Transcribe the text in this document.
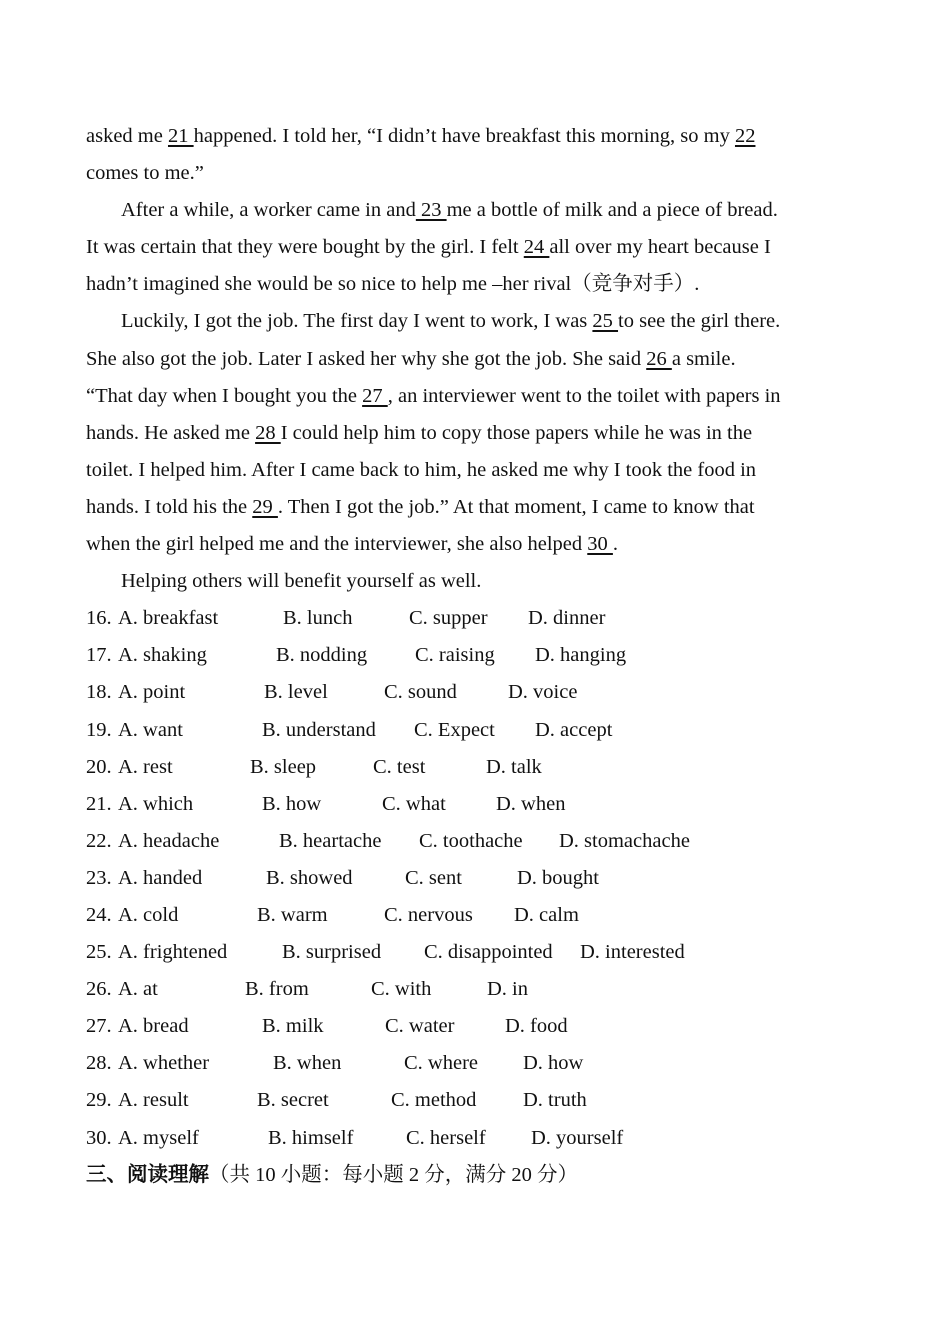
asked me 21 happened. I told her, “I didn’t have breakfast this morning, so my 22
comes to me.”
After a while, a worker came in and 23 me a bottle of milk and a piece of bread.
It was certain that they were bought by the girl. I felt 24 all over my heart because I
hadn’t imagined she would be so nice to help me –her rival（竞争对手）.
Luckily, I got the job. The first day I went to work, I was 25 to see the girl there.
She also got the job. Later I asked her why she got the job. She said 26 a smile.
“That day when I bought you the 27 , an interviewer went to the toilet with papers in
hands. He asked me 28 I could help him to copy those papers while he was in the
toilet. I helped him. After I came back to him, he asked me why I took the food in
hands. I told his the 29 . Then I got the job.” At that moment, I came to know that
when the girl helped me and the interviewer, she also helped 30 .
Helping others will benefit yourself as well.
16. A. breakfast	B. lunch	C. supper D. dinner
17. A. shaking	B. nodding C. raising D. hanging
18. A. point	B. level	C. sound D. voice
19. A. want	B. understand C. Expect D. accept
20. A. rest	B. sleep	C. test	D. talk
21. A. which	B. how	C. what D. when
22. A. headache	B. heartache C. toothache D. stomachache
23. A. handed	B. showed	C. sent	D. bought
24. A. cold	B. warm	C. nervous D. calm
25. A. frightened	B. surprised C. disappointed D. interested
26. A. at	B. from	C. with	D. in
27. A. bread	B. milk	C. water D. food
28. A. whether	B. when	C. where D. how
29. A. result	B. secret	C. method D. truth
30. A. myself	B. himself	C. herself D. yourself
三、阅读理解（共 10 小题：每小题 2 分，满分 20 分）
